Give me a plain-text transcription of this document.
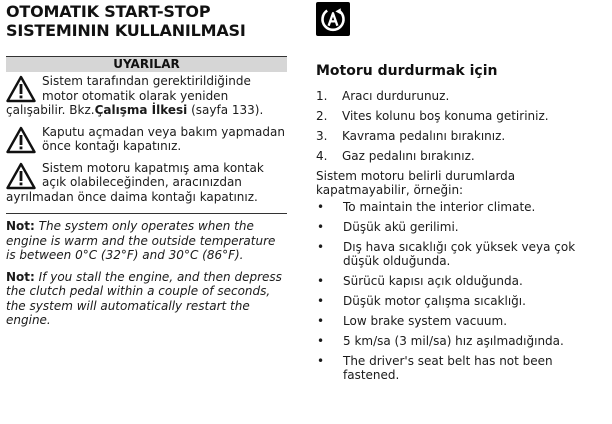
OTOMATIK START-STOP
SISTEMININ KULLANILMASI
UYARILAR
Sistem tarafından gerektirildiğinde motor otomatik olarak yeniden çalışabilir. Bkz.Çalışma İlkesi (sayfa 133).
Kaputu açmadan veya bakım yapmadan önce kontağı kapatınız.
Sistem motoru kapatmış ama kontak açık olabileceğinden, aracınızdan ayrılmadan önce daima kontağı kapatınız.
Not: The system only operates when the engine is warm and the outside temperature is between 0°C (32°F) and 30°C (86°F).
Not: If you stall the engine, and then depress the clutch pedal within a couple of seconds, the system will automatically restart the engine.
Motoru durdurmak için
1.	Aracı durdurunuz.
2.	Vites kolunu boş konuma getiriniz.
3.	Kavrama pedalını bırakınız.
4.	Gaz pedalını bırakınız.
Sistem motoru belirli durumlarda kapatmayabilir, örneğin:
•	To maintain the interior climate.
•	Düşük akü gerilimi.
•	Dış hava sıcaklığı çok yüksek veya çok düşük olduğunda.
•	Sürücü kapısı açık olduğunda.
•	Düşük motor çalışma sıcaklığı.
•	Low brake system vacuum.
•	5 km/sa (3 mil/sa) hız aşılmadığında.
•	The driver's seat belt has not been fastened.
